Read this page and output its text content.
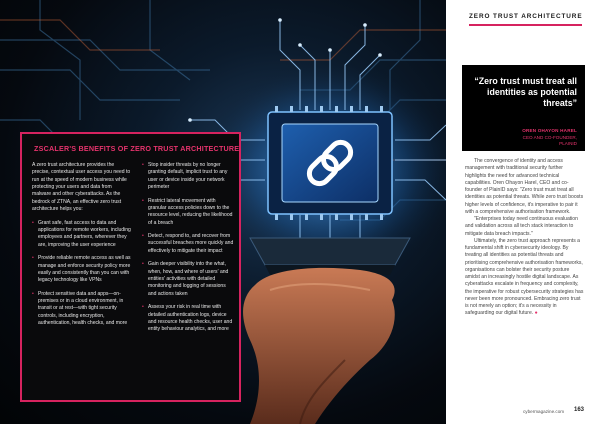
ZSCALER'S BENEFITS OF ZERO TRUST ARCHITECTURE

A zero trust architecture provides the precise, contextual user access you need to run at the speed of modern business while protecting your users and data from malware and other cyberattacks. As the bedrock of ZTNA, an effective zero trust architecture helps you:

• Grant safe, fast access to data and applications for remote workers, including employees and partners, wherever they are, improving the user experience
• Provide reliable remote access as well as manage and enforce security policy more easily and consistently than you can with legacy technology like VPNs
• Protect sensitive data and apps—on-premises or in a cloud environment, in transit or at rest—with tight security controls, including encryption, authentication, health checks, and more
• Stop insider threats by no longer granting default, implicit trust to any user or device inside your network perimeter
• Restrict lateral movement with granular access policies down to the resource level, reducing the likelihood of a breach
• Detect, respond to, and recover from successful breaches more quickly and effectively to mitigate their impact
• Gain deeper visibility into the what, when, how, and where of users' and entities' activities with detailed monitoring and logging of sessions and actions taken
• Assess your risk in real time with detailed authentication logs, device and resource health checks, user and entity behaviour analytics, and more
ZERO TRUST ARCHITECTURE
“Zero trust must treat all identities as potential threats”
OREN OHAYON HAREL
CEO AND CO-FOUNDER,
PLAINID

The convergence of identity and access management with traditional security further highlights the need for advanced technical capabilities. Oren Ohayon Harel, CEO and co-founder of PlainID says: "Zero trust must treat all identities as potential threats. While zero trust boosts higher levels of confidence, it's imperative to pair it with a comprehensive authorisation framework.

"Enterprises today need continuous evaluation and validation across all tech stack interaction to mitigate data breach impacts."

Ultimately, the zero trust approach represents a fundamental shift in cybersecurity ideology. By treating all identities as potential threats and prioritising comprehensive authorisation frameworks, organisations can bolster their security posture amidst an increasingly hostile digital landscape. As cyberattacks escalate in frequency and complexity, the imperative for robust cybersecurity strategies has never been more pronounced. Embracing zero trust is not merely an option; it's a necessity in safeguarding our digital future. ●

cybermagazine.com 163
